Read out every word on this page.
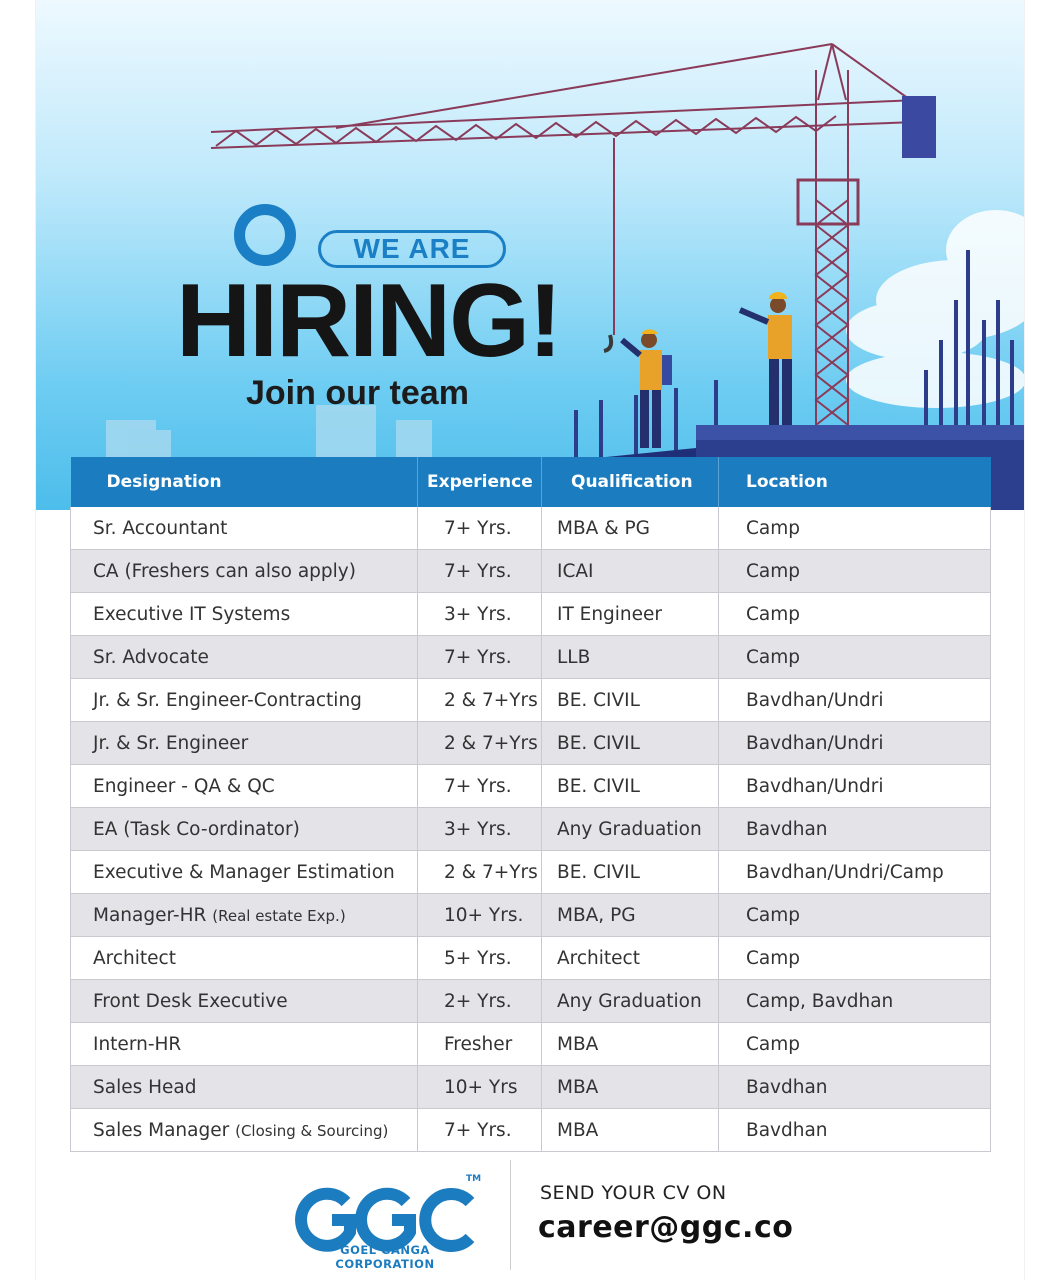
WE ARE
HIRING!
Join our team
Designation	Experience	Qualification	Location
Sr. Accountant	7+ Yrs.	MBA & PG	Camp
CA (Freshers can also apply)	7+ Yrs.	ICAI	Camp
Executive IT Systems	3+ Yrs.	IT Engineer	Camp
Sr. Advocate	7+ Yrs.	LLB	Camp
Jr. & Sr. Engineer-Contracting	2 & 7+Yrs	BE. CIVIL	Bavdhan/Undri
Jr. & Sr. Engineer	2 & 7+Yrs	BE. CIVIL	Bavdhan/Undri
Engineer - QA & QC	7+ Yrs.	BE. CIVIL	Bavdhan/Undri
EA (Task Co-ordinator)	3+ Yrs.	Any Graduation	Bavdhan
Executive & Manager Estimation	2 & 7+Yrs	BE. CIVIL	Bavdhan/Undri/Camp
Manager-HR (Real estate Exp.)	10+ Yrs.	MBA, PG	Camp
Architect	5+ Yrs.	Architect	Camp
Front Desk Executive	2+ Yrs.	Any Graduation	Camp, Bavdhan
Intern-HR	Fresher	MBA	Camp
Sales Head	10+ Yrs	MBA	Bavdhan
Sales Manager (Closing & Sourcing)	7+ Yrs.	MBA	Bavdhan
TM
GOEL GANGA CORPORATION
SEND YOUR CV ON
career@ggc.co
